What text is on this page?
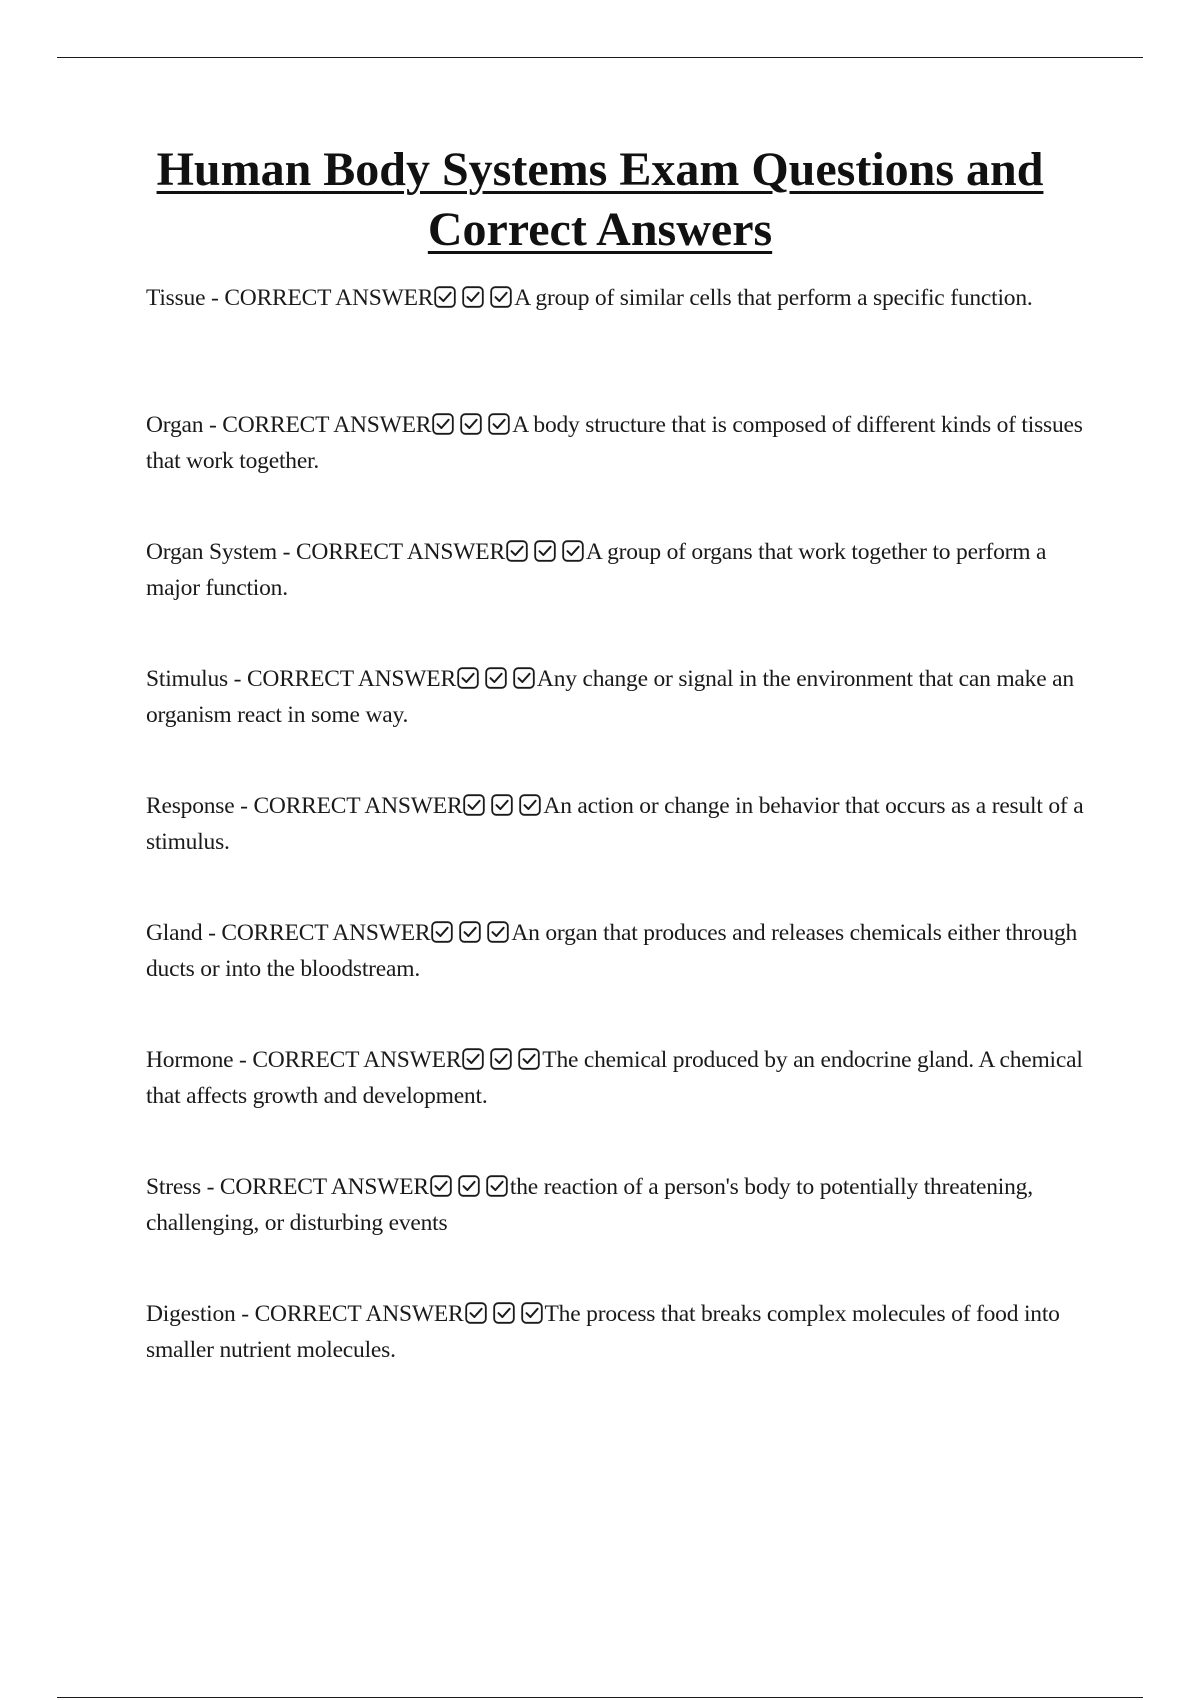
Human Body Systems Exam Questions and Correct Answers
Tissue - CORRECT ANSWER	A group of similar cells that perform a specific function.
Organ - CORRECT ANSWER	A body structure that is composed of different kinds of tissues that work together.
Organ System - CORRECT ANSWER	A group of organs that work together to perform a major function.
Stimulus - CORRECT ANSWER	Any change or signal in the environment that can make an organism react in some way.
Response - CORRECT ANSWER	An action or change in behavior that occurs as a result of a stimulus.
Gland - CORRECT ANSWER	An organ that produces and releases chemicals either through ducts or into the bloodstream.
Hormone - CORRECT ANSWER	The chemical produced by an endocrine gland. A chemical that affects growth and development.
Stress - CORRECT ANSWER	the reaction of a person's body to potentially threatening, challenging, or disturbing events
Digestion - CORRECT ANSWER	The process that breaks complex molecules of food into smaller nutrient molecules.
